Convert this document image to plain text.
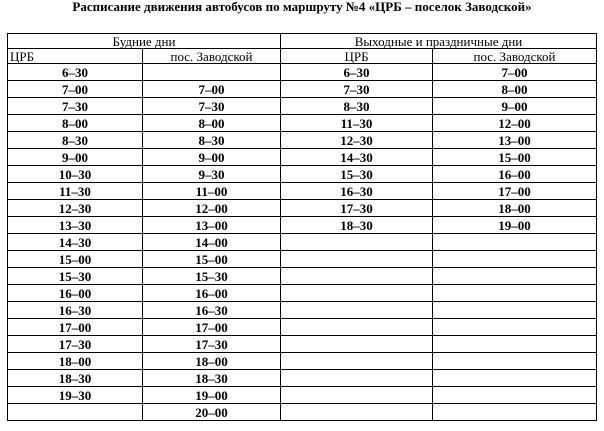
Расписание движения автобусов по маршруту №4 «ЦРБ – поселок Заводской»
Будние дни		Выходные и праздничные дни	
ЦРБ	пос. Заводской	ЦРБ	пос. Заводской
6–30		6–30	7–00
7–00	7–00	7–30	8–00
7–30	7–30	8–30	9–00
8–00	8–00	11–30	12–00
8–30	8–30	12–30	13–00
9–00	9–00	14–30	15–00
10–30	9–30	15–30	16–00
11–30	11–00	16–30	17–00
12–30	12–00	17–30	18–00
13–30	13–00	18–30	19–00
14–30	14–00		
15–00	15–00		
15–30	15–30		
16–00	16–00		
16–30	16–30		
17–00	17–00		
17–30	17–30		
18–00	18–00		
18–30	18–30		
19–30	19–00		
	20–00		
